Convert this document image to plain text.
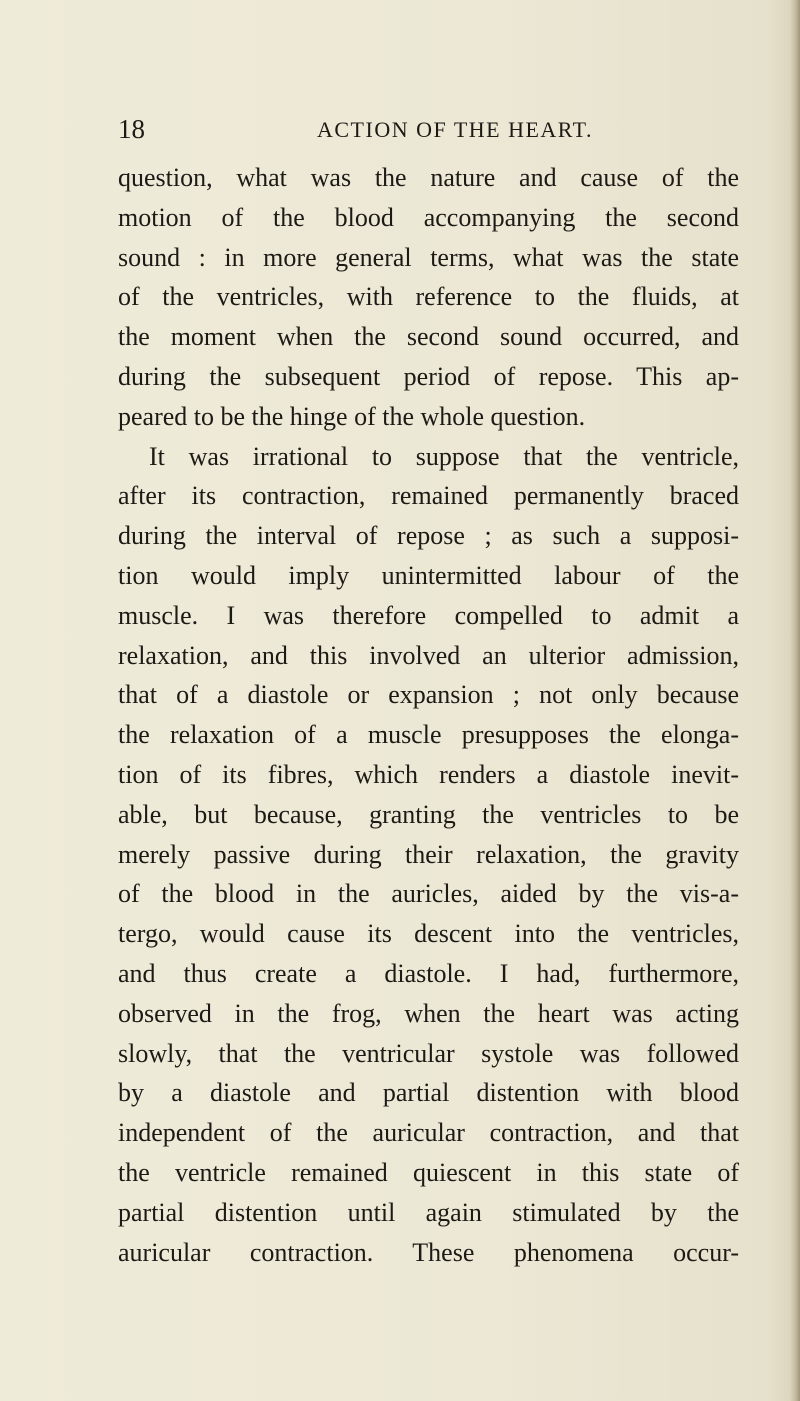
18	ACTION OF THE HEART.
question, what was the nature and cause of the
motion of the blood accompanying the second
sound : in more general terms, what was the state
of the ventricles, with reference to the fluids, at
the moment when the second sound occurred, and
during the subsequent period of repose. This ap-
peared to be the hinge of the whole question.
It was irrational to suppose that the ventricle,
after its contraction, remained permanently braced
during the interval of repose ; as such a supposi-
tion would imply unintermitted labour of the
muscle. I was therefore compelled to admit a
relaxation, and this involved an ulterior admission,
that of a diastole or expansion ; not only because
the relaxation of a muscle presupposes the elonga-
tion of its fibres, which renders a diastole inevit-
able, but because, granting the ventricles to be
merely passive during their relaxation, the gravity
of the blood in the auricles, aided by the vis-a-
tergo, would cause its descent into the ventricles,
and thus create a diastole. I had, furthermore,
observed in the frog, when the heart was acting
slowly, that the ventricular systole was followed
by a diastole and partial distention with blood
independent of the auricular contraction, and that
the ventricle remained quiescent in this state of
partial distention until again stimulated by the
auricular contraction. These phenomena occur-
